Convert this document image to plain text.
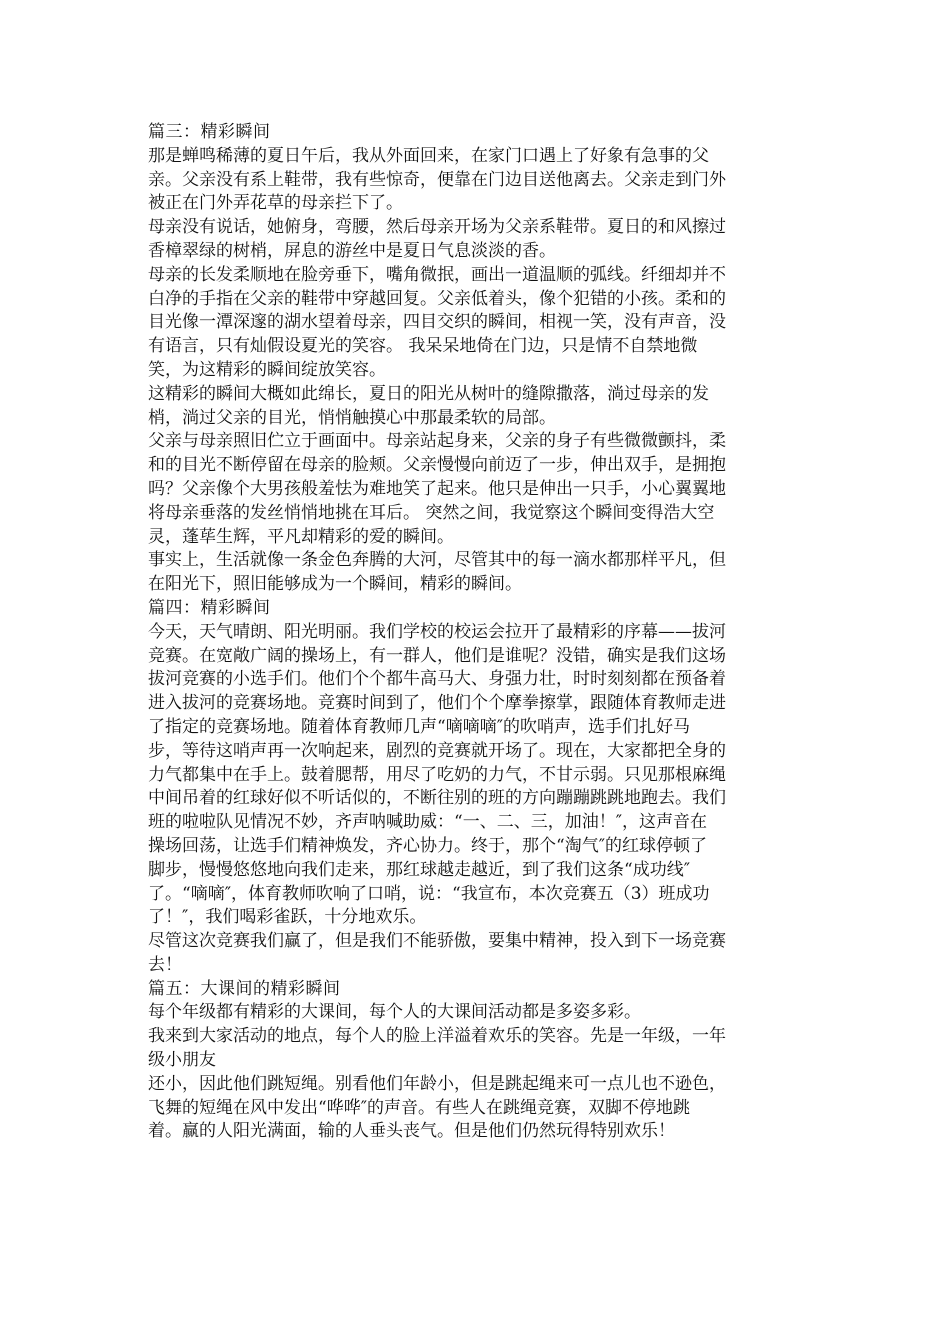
篇三：精彩瞬间
那是蝉鸣稀薄的夏日午后，我从外面回来，在家门口遇上了好象有急事的父
亲。父亲没有系上鞋带，我有些惊奇，便靠在门边目送他离去。父亲走到门外
被正在门外弄花草的母亲拦下了。
母亲没有说话，她俯身，弯腰，然后母亲开场为父亲系鞋带。夏日的和风擦过
香樟翠绿的树梢，屏息的游丝中是夏日气息淡淡的香。
母亲的长发柔顺地在脸旁垂下，嘴角微抿，画出一道温顺的弧线。纤细却并不
白净的手指在父亲的鞋带中穿越回复。父亲低着头，像个犯错的小孩。柔和的
目光像一潭深邃的湖水望着母亲，四目交织的瞬间，相视一笑，没有声音，没
有语言，只有灿假设夏光的笑容。 我呆呆地倚在门边，只是情不自禁地微
笑，为这精彩的瞬间绽放笑容。
这精彩的瞬间大概如此绵长，夏日的阳光从树叶的缝隙撒落，淌过母亲的发
梢，淌过父亲的目光，悄悄触摸心中那最柔软的局部。
父亲与母亲照旧伫立于画面中。母亲站起身来，父亲的身子有些微微颤抖，柔
和的目光不断停留在母亲的脸颊。父亲慢慢向前迈了一步，伸出双手，是拥抱
吗？父亲像个大男孩般羞怯为难地笑了起来。他只是伸出一只手，小心翼翼地
将母亲垂落的发丝悄悄地挑在耳后。 突然之间，我觉察这个瞬间变得浩大空
灵，蓬荜生辉，平凡却精彩的爱的瞬间。
事实上，生活就像一条金色奔腾的大河，尽管其中的每一滴水都那样平凡，但
在阳光下，照旧能够成为一个瞬间，精彩的瞬间。
篇四：精彩瞬间
今天，天气晴朗、阳光明丽。我们学校的校运会拉开了最精彩的序幕——拔河
竞赛。在宽敞广阔的操场上，有一群人，他们是谁呢？没错，确实是我们这场
拔河竞赛的小选手们。他们个个都牛高马大、身强力壮，时时刻刻都在预备着
进入拔河的竞赛场地。竞赛时间到了，他们个个摩拳擦掌，跟随体育教师走进
了指定的竞赛场地。随着体育教师几声“嘀嘀嘀″的吹哨声，选手们扎好马
步，等待这哨声再一次响起来，剧烈的竞赛就开场了。现在，大家都把全身的
力气都集中在手上。鼓着腮帮，用尽了吃奶的力气，不甘示弱。只见那根麻绳
中间吊着的红球好似不听话似的，不断往别的班的方向蹦蹦跳跳地跑去。我们
班的啦啦队见情况不妙，齐声呐喊助威：“一、二、三，加油！″，这声音在
操场回荡，让选手们精神焕发，齐心协力。终于，那个“淘气″的红球停顿了
脚步，慢慢悠悠地向我们走来，那红球越走越近，到了我们这条“成功线″
了。“嘀嘀″，体育教师吹响了口哨，说：“我宣布，本次竞赛五（3）班成功
了！″，我们喝彩雀跃，十分地欢乐。
尽管这次竞赛我们赢了，但是我们不能骄傲，要集中精神，投入到下一场竞赛
去！
篇五：大课间的精彩瞬间
每个年级都有精彩的大课间，每个人的大课间活动都是多姿多彩。
我来到大家活动的地点，每个人的脸上洋溢着欢乐的笑容。先是一年级，一年
级小朋友
还小，因此他们跳短绳。别看他们年龄小，但是跳起绳来可一点儿也不逊色，
飞舞的短绳在风中发出“哗哗″的声音。有些人在跳绳竞赛，双脚不停地跳
着。赢的人阳光满面，输的人垂头丧气。但是他们仍然玩得特别欢乐！
